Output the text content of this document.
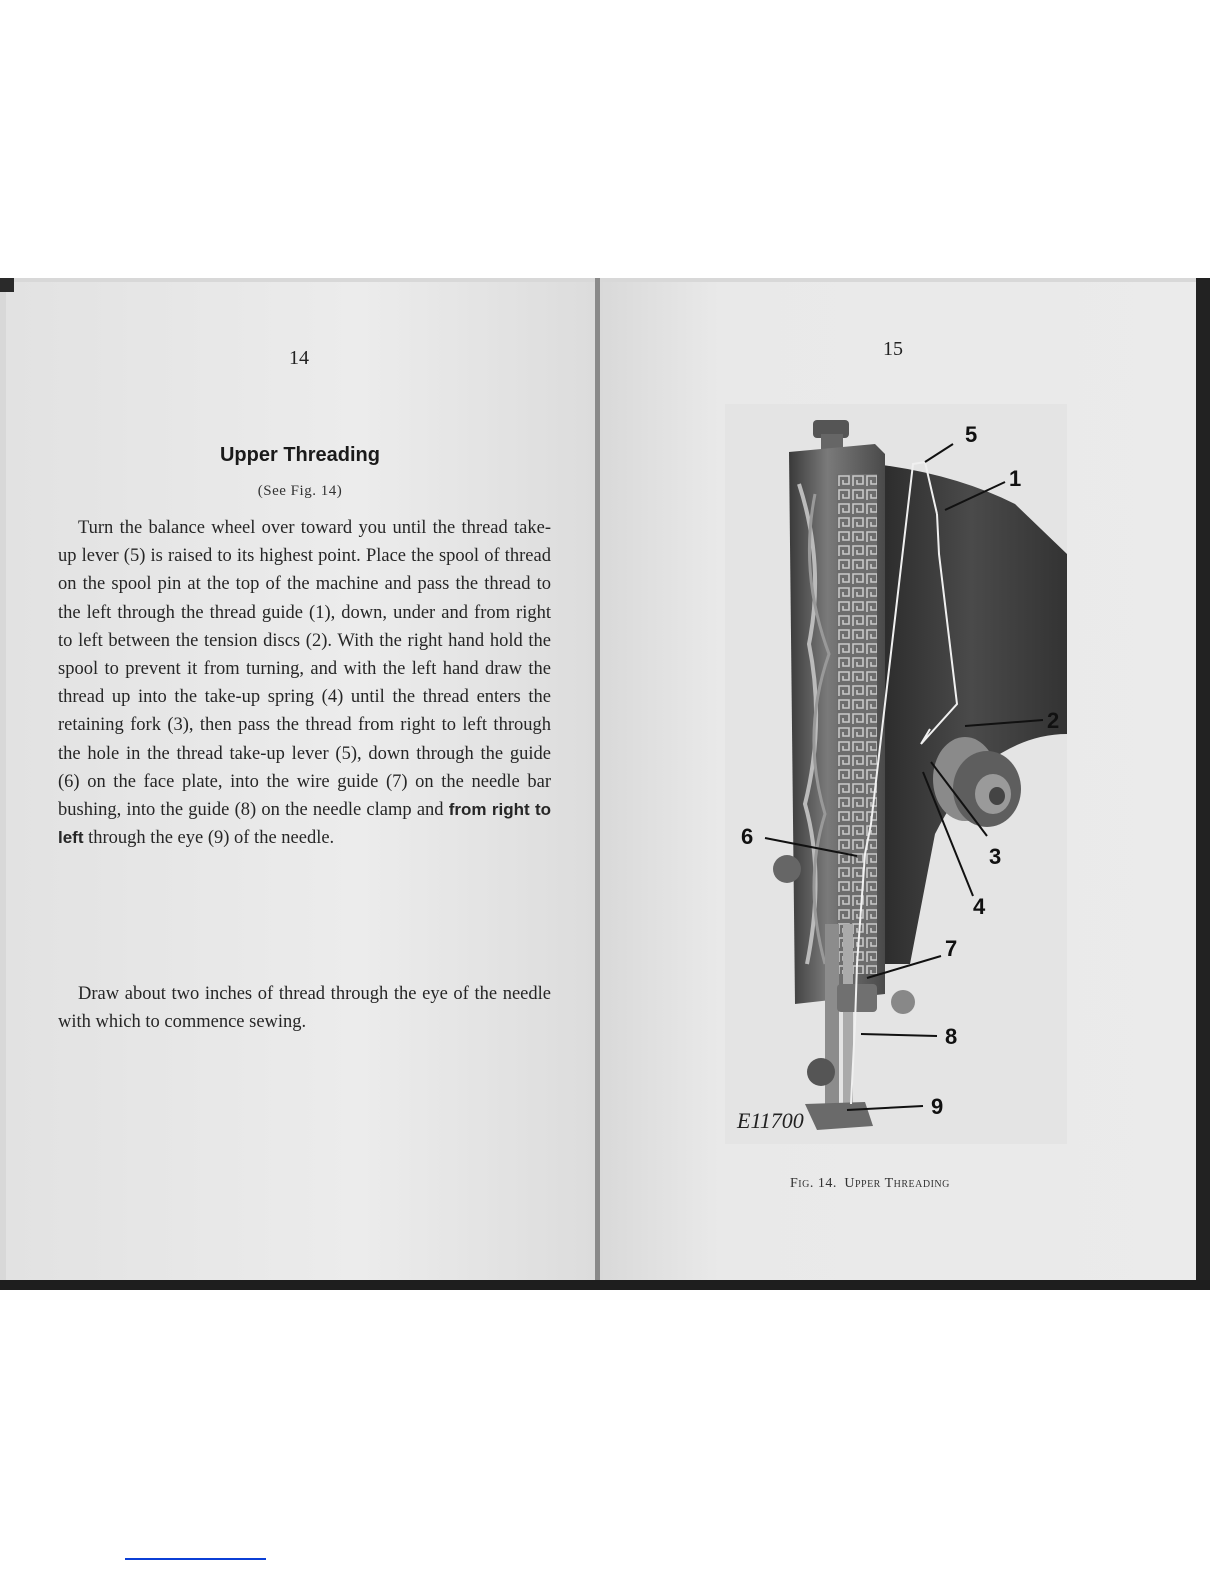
14
Upper Threading
(See Fig. 14)
Turn the balance wheel over toward you until the thread take-up lever (5) is raised to its highest point. Place the spool of thread on the spool pin at the top of the machine and pass the thread to the left through the thread guide (1), down, under and from right to left between the tension discs (2). With the right hand hold the spool to prevent it from turning, and with the left hand draw the thread up into the take-up spring (4) until the thread enters the retaining fork (3), then pass the thread from right to left through the hole in the thread take-up lever (5), down through the guide (6) on the face plate, into the wire guide (7) on the needle bar bushing, into the guide (8) on the needle clamp and from right to left through the eye (9) of the needle.
Draw about two inches of thread through the eye of the needle with which to commence sewing.
15
5
1
2
3
4
6
7
8
9
E11700
Fig. 14. Upper Threading
